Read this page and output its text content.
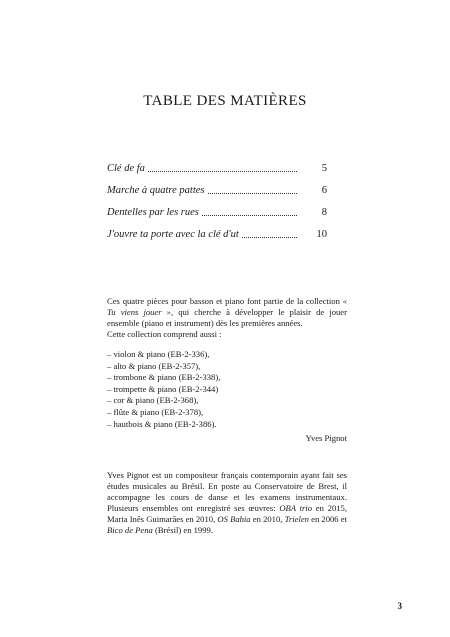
TABLE DES MATIÈRES
Clé de fa	5
Marche à quatre pattes	6
Dentelles par les rues	8
J'ouvre ta porte avec la clé d'ut	10

Ces quatre pièces pour basson et piano font partie de la collection « Tu viens jouer », qui cherche à développer le plaisir de jouer ensemble (piano et instrument) dès les premières années.

Cette collection comprend aussi :

– violon & piano (EB-2-336),
– alto & piano (EB-2-357),
– trombone & piano (EB-2-338),
– trompette & piano (EB-2-344)
– cor & piano (EB-2-368),
– flûte & piano (EB-2-378),
– hautbois & piano (EB-2-386).
Yves Pignot

Yves Pignot est un compositeur français contemporain ayant fait ses études musicales au Brésil. En poste au Conservatoire de Brest, il accompagne les cours de danse et les examens instrumentaux. Plusieurs ensembles ont enregistré ses œuvres: OBA trio en 2015, Maria Inês Guimarães en 2010, OS Bahia en 2010, Trielen en 2006 et Bico de Pena (Brésil) en 1999.

3
